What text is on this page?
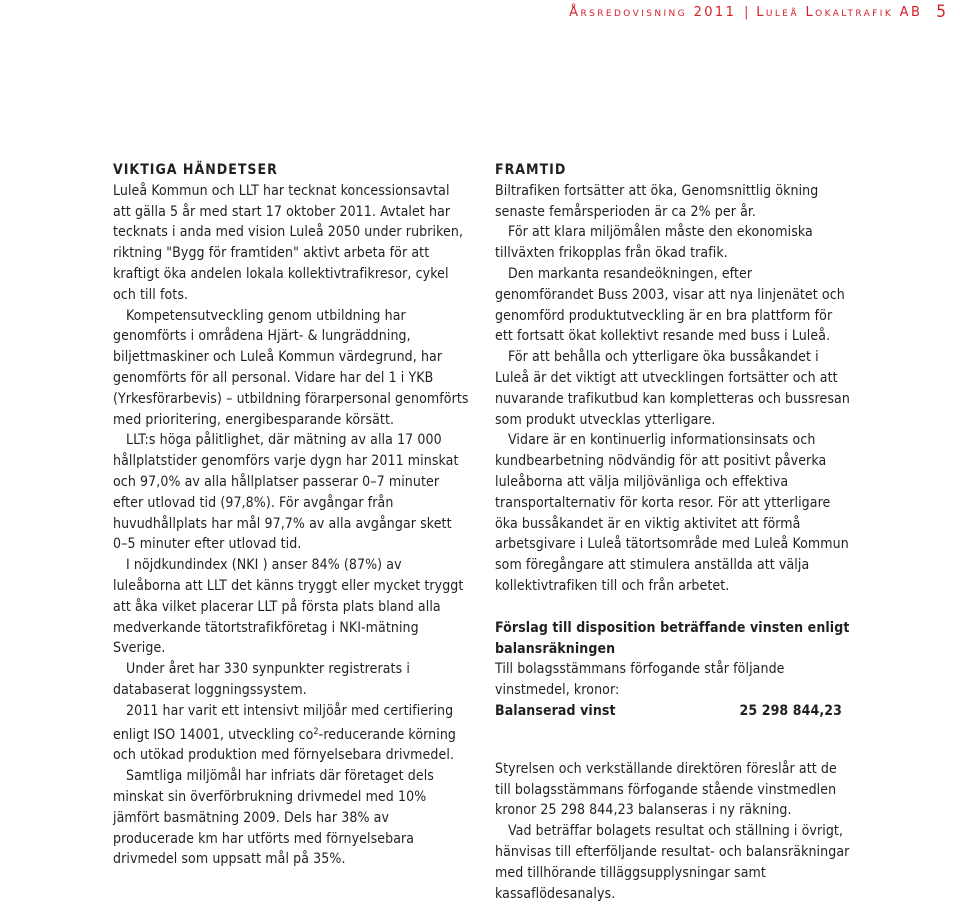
Årsredovisning 2011 | Luleå Lokaltrafik AB 5
VIKTIGA HÄNDETSER

Luleå Kommun och LLT har tecknat koncessionsavtal att gälla 5 år med start 17 oktober 2011. Avtalet har tecknats i anda med vision Luleå 2050 under rubriken, riktning "Bygg för framtiden" aktivt arbeta för att kraftigt öka andelen lokala kollektivtrafikresor, cykel och till fots.

Kompetensutveckling genom utbildning har genomförts i områdena Hjärt- & lungräddning, biljettmaskiner och Luleå Kommun värdegrund, har genomförts för all personal. Vidare har del 1 i YKB (Yrkesförarbevis) – utbildning förarpersonal genomförts med prioritering, energibesparande körsätt.

LLT:s höga pålitlighet, där mätning av alla 17 000 hållplatstider genomförs varje dygn har 2011 minskat och 97,0% av alla hållplatser passerar 0–7 minuter efter utlovad tid (97,8%). För avgångar från huvudhållplats har mål 97,7% av alla avgångar skett 0–5 minuter efter utlovad tid.

I nöjdkundindex (NKI ) anser 84% (87%) av luleåborna att LLT det känns tryggt eller mycket tryggt att åka vilket placerar LLT på första plats bland alla medverkande tätortstrafikföretag i NKI-mätning Sverige.

Under året har 330 synpunkter registrerats i databaserat loggningssystem.

2011 har varit ett intensivt miljöår med certifiering enligt ISO 14001, utveckling $co_2$-reducerande körning och utökad produktion med förnyelsebara drivmedel.

Samtliga miljömål har infriats där företaget dels minskat sin överförbrukning drivmedel med 10% jämfört basmätning 2009. Dels har 38% av producerade km har utförts med förnyelsebara drivmedel som uppsatt mål på 35%.

FRAMTID

Biltrafiken fortsätter att öka, Genomsnittlig ökning senaste femårsperioden är ca 2% per år.

För att klara miljömålen måste den ekonomiska tillväxten frikopplas från ökad trafik.

Den markanta resandeökningen, efter genomförandet Buss 2003, visar att nya linjenätet och genomförd produktutveckling är en bra plattform för ett fortsatt ökat kollektivt resande med buss i Luleå.

För att behålla och ytterligare öka bussåkandet i Luleå är det viktigt att utvecklingen fortsätter och att nuvarande trafikutbud kan kompletteras och bussresan som produkt utvecklas ytterligare.

Vidare är en kontinuerlig informationsinsats och kundbearbetning nödvändig för att positivt påverka luleåborna att välja miljövänliga och effektiva transportalternativ för korta resor. För att ytterligare öka bussåkandet är en viktig aktivitet att förmå arbetsgivare i Luleå tätortsområde med Luleå Kommun som föregångare att stimulera anställda att välja kollektivtrafiken till och från arbetet.

Förslag till disposition beträffande vinsten enligt balansräkningen

Till bolagsstämmans förfogande står följande vinstmedel, kronor:

Balanserad vinst	25 298 844,23

Styrelsen och verkställande direktören föreslår att de till bolagsstämmans förfogande stående vinstmedlen kronor 25 298 844,23 balanseras i ny räkning.

Vad beträffar bolagets resultat och ställning i övrigt, hänvisas till efterföljande resultat- och balansräkningar med tillhörande tilläggsupplysningar samt kassaflödesanalys.
